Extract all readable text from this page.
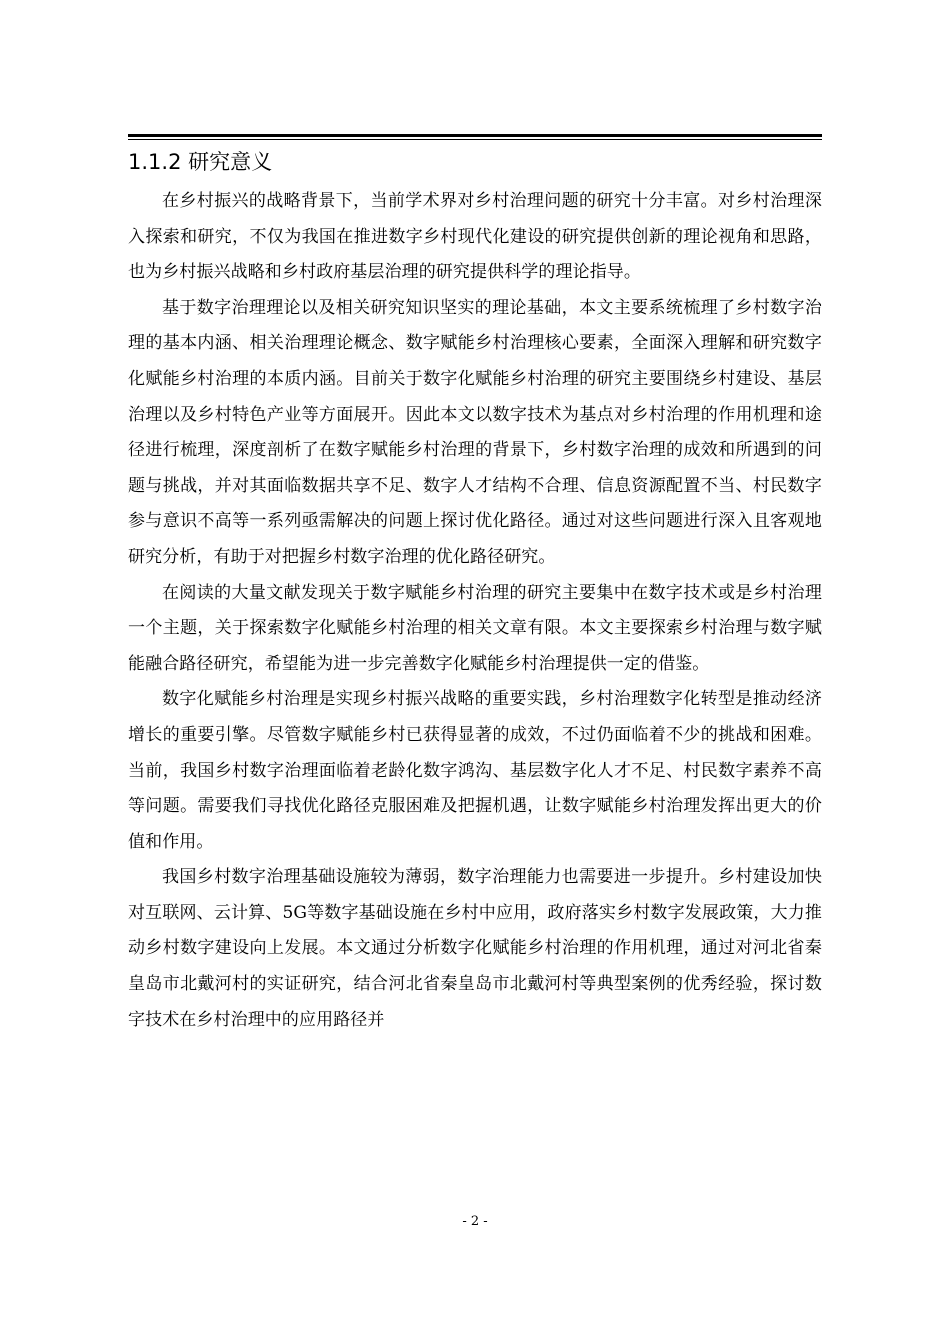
1.1.2 研究意义

在乡村振兴的战略背景下，当前学术界对乡村治理问题的研究十分丰富。对乡村治理深入探索和研究，不仅为我国在推进数字乡村现代化建设的研究提供创新的理论视角和思路，也为乡村振兴战略和乡村政府基层治理的研究提供科学的理论指导。

基于数字治理理论以及相关研究知识坚实的理论基础，本文主要系统梳理了乡村数字治理的基本内涵、相关治理理论概念、数字赋能乡村治理核心要素，全面深入理解和研究数字化赋能乡村治理的本质内涵。目前关于数字化赋能乡村治理的研究主要围绕乡村建设、基层治理以及乡村特色产业等方面展开。因此本文以数字技术为基点对乡村治理的作用机理和途径进行梳理，深度剖析了在数字赋能乡村治理的背景下，乡村数字治理的成效和所遇到的问题与挑战，并对其面临数据共享不足、数字人才结构不合理、信息资源配置不当、村民数字参与意识不高等一系列亟需解决的问题上探讨优化路径。通过对这些问题进行深入且客观地研究分析，有助于对把握乡村数字治理的优化路径研究。

在阅读的大量文献发现关于数字赋能乡村治理的研究主要集中在数字技术或是乡村治理一个主题，关于探索数字化赋能乡村治理的相关文章有限。本文主要探索乡村治理与数字赋能融合路径研究，希望能为进一步完善数字化赋能乡村治理提供一定的借鉴。

数字化赋能乡村治理是实现乡村振兴战略的重要实践，乡村治理数字化转型是推动经济增长的重要引擎。尽管数字赋能乡村已获得显著的成效，不过仍面临着不少的挑战和困难。当前，我国乡村数字治理面临着老龄化数字鸿沟、基层数字化人才不足、村民数字素养不高等问题。需要我们寻找优化路径克服困难及把握机遇，让数字赋能乡村治理发挥出更大的价值和作用。

我国乡村数字治理基础设施较为薄弱，数字治理能力也需要进一步提升。乡村建设加快对互联网、云计算、5G等数字基础设施在乡村中应用，政府落实乡村数字发展政策，大力推动乡村数字建设向上发展。本文通过分析数字化赋能乡村治理的作用机理，通过对河北省秦皇岛市北戴河村的实证研究，结合河北省秦皇岛市北戴河村等典型案例的优秀经验，探讨数字技术在乡村治理中的应用路径并

- 2 -
